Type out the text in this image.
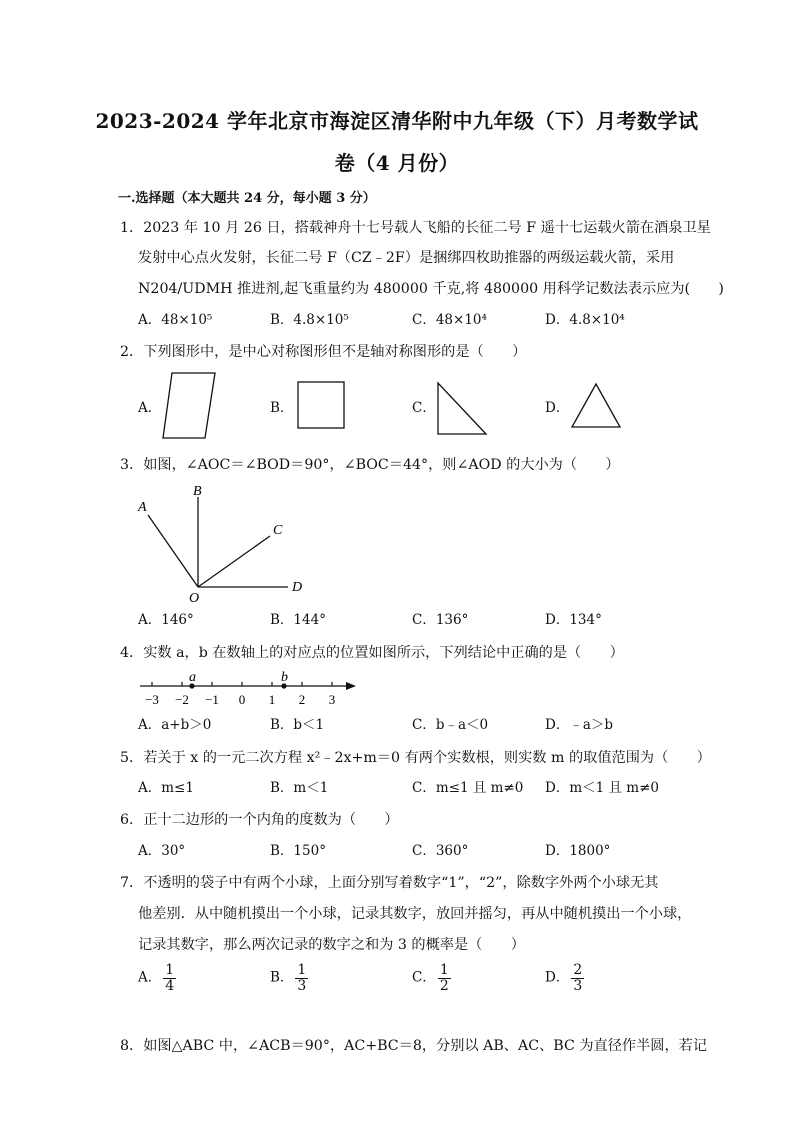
2023-2024 学年北京市海淀区清华附中九年级（下）月考数学试
卷（4 月份）
一.选择题（本大题共 24 分，每小题 3 分）
1．2023 年 10 月 26 日，搭载神舟十七号载人飞船的长征二号 F 遥十七运载火箭在酒泉卫星
发射中心点火发射，长征二号 F（CZ﹣2F）是捆绑四枚助推器的两级运载火箭，采用
N204/UDMH 推进剂,起飞重量约为 480000 千克,将 480000 用科学记数法表示应为(　　)
A．48×10⁵	B．4.8×10⁵	C．48×10⁴	D．4.8×10⁴
2．下列图形中，是中心对称图形但不是轴对称图形的是（　　）
A．	B．	C．	D．
3．如图，∠AOC＝∠BOD＝90°，∠BOC＝44°，则∠AOD 的大小为（　　）
B
A
C
D
O
A．146°	B．144°	C．136°	D．134°
4．实数 a，b 在数轴上的对应点的位置如图所示，下列结论中正确的是（　　）
−3 −2 −1 0 1 2 3
a	b
A．a+b＞0	B．b＜1	C．b﹣a＜0	D．﹣a＞b
5．若关于 x 的一元二次方程 x²﹣2x+m＝0 有两个实数根，则实数 m 的取值范围为（　　）
A．m≤1	B．m＜1	C．m≤1 且 m≠0 D．m＜1 且 m≠0
6．正十二边形的一个内角的度数为（　　）
A．30°	B．150°	C．360°	D．1800°
7．不透明的袋子中有两个小球，上面分别写着数字“1”，“2”，除数字外两个小球无其
他差别．从中随机摸出一个小球，记录其数字，放回并摇匀，再从中随机摸出一个小球，
记录其数字，那么两次记录的数字之和为 3 的概率是（　　）
A． $\frac{1}{4}$	B． $\frac{1}{3}$	C． $\frac{1}{2}$	D． $\frac{2}{3}$
8．如图△ABC 中，∠ACB＝90°，AC+BC＝8，分别以 AB、AC、BC 为直径作半圆，若记
